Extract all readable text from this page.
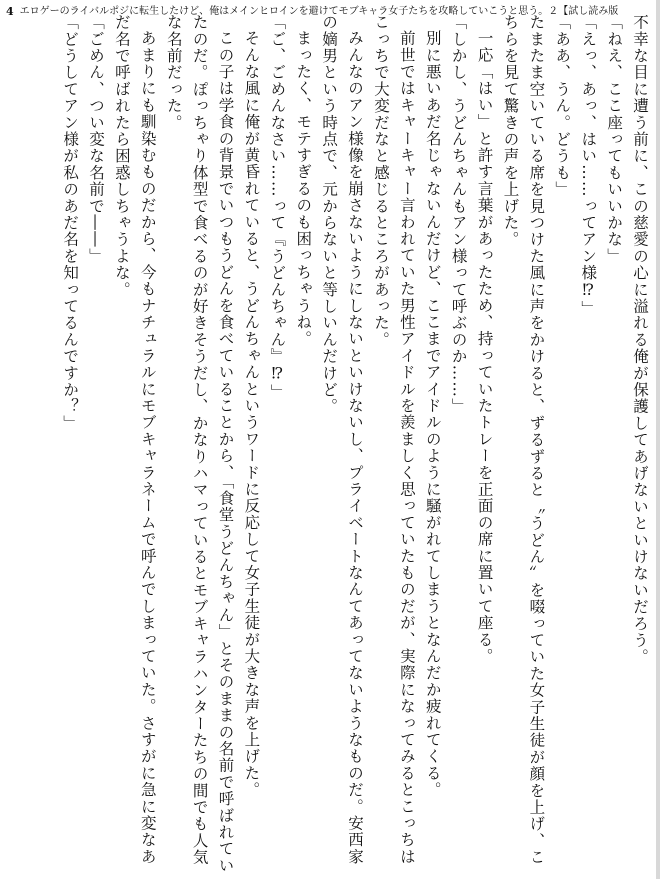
4 エロゲーのライバルポジに転生したけど、俺はメインヒロインを避けてモブキャラ女子たちを攻略していこうと思う。２【試し読み版

不幸な目に遭う前に、この慈愛の心に溢れる俺が保護してあげないといけないだろう。

「ねえ、ここ座ってもいいかな」

「えっ、あっ、はい……ってアン様⁉」

「ああ、うん。どうも」

たまたま空いている席を見つけた風に声をかけると、ずるずると〝うどん〟を啜っていた女子生徒が顔を上げ、こちらを見て驚きの声を上げた。

一応「はい」と許す言葉があったため、持っていたトレーを正面の席に置いて座る。

「しかし、うどんちゃんもアン様って呼ぶのか……」

別に悪いあだ名じゃないんだけど、ここまでアイドルのように騒がれてしまうとなんだか疲れてくる。

前世ではキャーキャー言われていた男性アイドルを羨ましく思っていたものだが、実際になってみるとこっちはこっちで大変だなと感じるところがあった。

みんなのアン様像を崩さないようにしないといけないし、プライベートなんてあってないようなものだ。安西家の嫡男という時点で、元からないと等しいんだけど。

まったく、モテすぎるのも困っちゃうね。

「ご、ごめんなさい……って『うどんちゃん』⁉」

そんな風に俺が黄昏れていると、うどんちゃんというワードに反応して女子生徒が大きな声を上げた。

この子は学食の背景でいつもうどんを食べていることから、「食堂うどんちゃん」とそのままの名前で呼ばれていたのだ。ぽっちゃり体型で食べるのが好きそうだし、かなりハマっているとモブキャラハンターたちの間でも人気な名前だった。

あまりにも馴染むものだから、今もナチュラルにモブキャラネームで呼んでしまっていた。さすがに急に変なあだ名で呼ばれたら困惑しちゃうよな。

「ごめん、つい変な名前で――」

「どうしてアン様が私のあだ名を知ってるんですか？」
